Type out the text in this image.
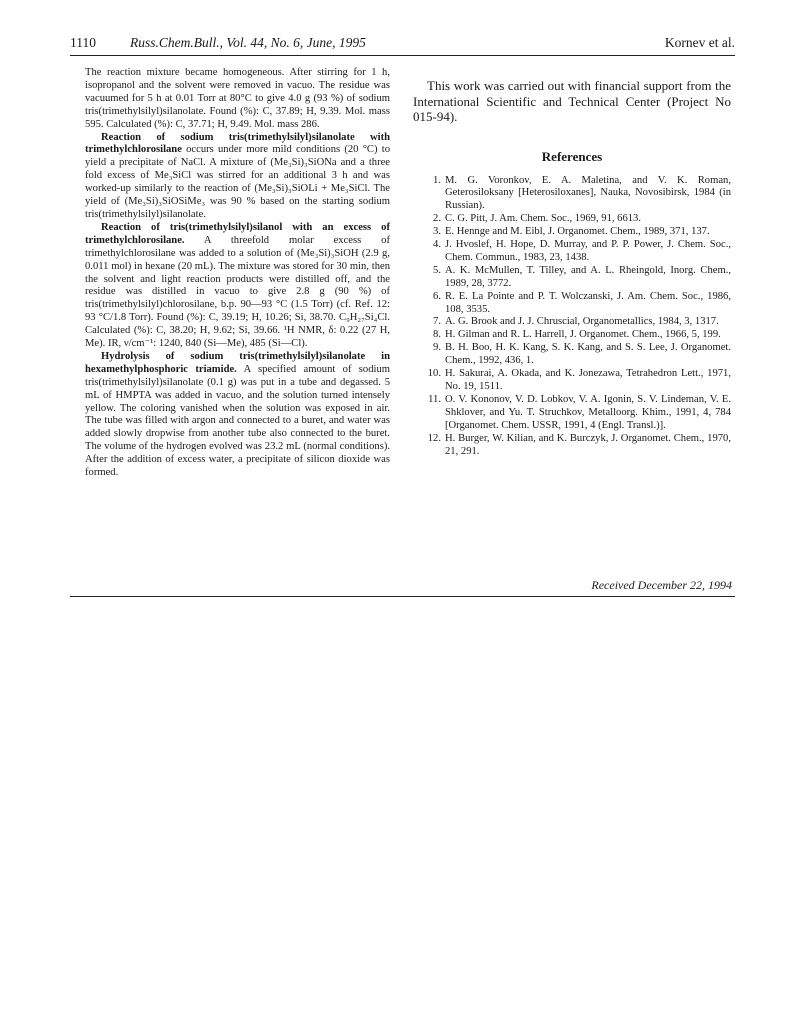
1110	Russ.Chem.Bull., Vol. 44, No. 6, June, 1995	Kornev et al.

The reaction mixture became homogeneous. After stirring for 1 h, isopropanol and the solvent were removed in vacuo. The residue was vacuumed for 5 h at 0.01 Torr at 80°C to give 4.0 g (93 %) of sodium tris(trimethylsilyl)silanolate. Found (%): C, 37.89; H, 9.39. Mol. mass 595. Calculated (%): C, 37.71; H, 9.49. Mol. mass 286.

Reaction of sodium tris(trimethylsilyl)silanolate with trimethylchlorosilane occurs under more mild conditions (20 °C) to yield a precipitate of NaCl. A mixture of (Me₃Si)₃SiONa and a three fold excess of Me₃SiCl was stirred for an additional 3 h and was worked-up similarly to the reaction of (Me₃Si)₃SiOLi + Me₃SiCl. The yield of (Me₃Si)₃SiOSiMe₃ was 90 % based on the starting sodium tris(trimethylsilyl)silanolate.

Reaction of tris(trimethylsilyl)silanol with an excess of trimethylchlorosilane. A threefold molar excess of trimethylchlorosilane was added to a solution of (Me₃Si)₃SiOH (2.9 g, 0.011 mol) in hexane (20 mL). The mixture was stored for 30 min, then the solvent and light reaction products were distilled off, and the residue was distilled in vacuo to give 2.8 g (90 %) of tris(trimethylsilyl)chlorosilane, b.p. 90—93 °C (1.5 Torr) (cf. Ref. 12: 93 °C/1.8 Torr). Found (%): C, 39.19; H, 10.26; Si, 38.70. C₉H₂₇Si₄Cl. Calculated (%): C, 38.20; H, 9.62; Si, 39.66. ¹H NMR, δ: 0.22 (27 H, Me). IR, ν/cm⁻¹: 1240, 840 (Si—Me), 485 (Si—Cl).

Hydrolysis of sodium tris(trimethylsilyl)silanolate in hexamethylphosphoric triamide. A specified amount of sodium tris(trimethylsilyl)silanolate (0.1 g) was put in a tube and degassed. 5 mL of HMPTA was added in vacuo, and the solution turned intensely yellow. The coloring vanished when the solution was exposed in air. The tube was filled with argon and connected to a buret, and water was added slowly dropwise from another tube also connected to the buret. The volume of the hydrogen evolved was 23.2 mL (normal conditions). After the addition of excess water, a precipitate of silicon dioxide was formed.

This work was carried out with financial support from the International Scientific and Technical Center (Project No 015-94).

References
1. M. G. Voronkov, E. A. Maletina, and V. K. Roman, Geterosiloksany [Heterosiloxanes], Nauka, Novosibirsk, 1984 (in Russian).
2. C. G. Pitt, J. Am. Chem. Soc., 1969, 91, 6613.
3. E. Hennge and M. Eibl, J. Organomet. Chem., 1989, 371, 137.
4. J. Hvoslef, H. Hope, D. Murray, and P. P. Power, J. Chem. Soc., Chem. Commun., 1983, 23, 1438.
5. A. K. McMullen, T. Tilley, and A. L. Rheingold, Inorg. Chem., 1989, 28, 3772.
6. R. E. La Pointe and P. T. Wolczanski, J. Am. Chem. Soc., 1986, 108, 3535.
7. A. G. Brook and J. J. Chruscial, Organometallics, 1984, 3, 1317.
8. H. Gilman and R. L. Harrell, J. Organomet. Chem., 1966, 5, 199.
9. B. H. Boo, H. K. Kang, S. K. Kang, and S. S. Lee, J. Organomet. Chem., 1992, 436, 1.
10. H. Sakurai, A. Okada, and K. Jonezawa, Tetrahedron Lett., 1971, No. 19, 1511.
11. O. V. Kononov, V. D. Lobkov, V. A. Igonin, S. V. Lindeman, V. E. Shklover, and Yu. T. Struchkov, Metalloorg. Khim., 1991, 4, 784 [Organomet. Chem. USSR, 1991, 4 (Engl. Transl.)].
12. H. Burger, W. Kilian, and K. Burczyk, J. Organomet. Chem., 1970, 21, 291.
Received December 22, 1994
